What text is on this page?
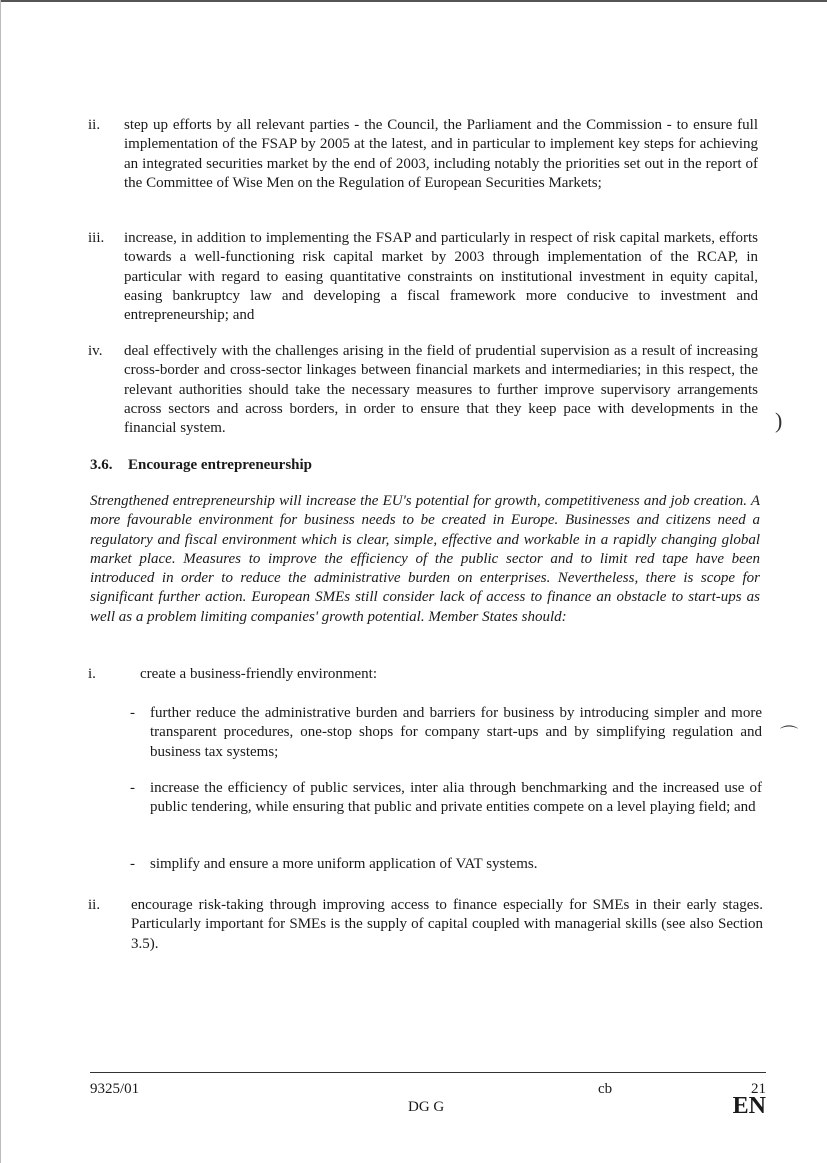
ii. step up efforts by all relevant parties - the Council, the Parliament and the Commission - to ensure full implementation of the FSAP by 2005 at the latest, and in particular to implement key steps for achieving an integrated securities market by the end of 2003, including notably the priorities set out in the report of the Committee of Wise Men on the Regulation of European Securities Markets;
iii. increase, in addition to implementing the FSAP and particularly in respect of risk capital markets, efforts towards a well-functioning risk capital market by 2003 through implementation of the RCAP, in particular with regard to easing quantitative constraints on institutional investment in equity capital, easing bankruptcy law and developing a fiscal framework more conducive to investment and entrepreneurship; and
iv. deal effectively with the challenges arising in the field of prudential supervision as a result of increasing cross-border and cross-sector linkages between financial markets and intermediaries; in this respect, the relevant authorities should take the necessary measures to further improve supervisory arrangements across sectors and across borders, in order to ensure that they keep pace with developments in the financial system.
3.6. Encourage entrepreneurship
Strengthened entrepreneurship will increase the EU's potential for growth, competitiveness and job creation. A more favourable environment for business needs to be created in Europe. Businesses and citizens need a regulatory and fiscal environment which is clear, simple, effective and workable in a rapidly changing global market place. Measures to improve the efficiency of the public sector and to limit red tape have been introduced in order to reduce the administrative burden on enterprises. Nevertheless, there is scope for significant further action. European SMEs still consider lack of access to finance an obstacle to start-ups as well as a problem limiting companies' growth potential. Member States should:
i.	create a business-friendly environment:
- further reduce the administrative burden and barriers for business by introducing simpler and more transparent procedures, one-stop shops for company start-ups and by simplifying regulation and business tax systems;
- increase the efficiency of public services, inter alia through benchmarking and the increased use of public tendering, while ensuring that public and private entities compete on a level playing field; and
- simplify and ensure a more uniform application of VAT systems.
ii. encourage risk-taking through improving access to finance especially for SMEs in their early stages. Particularly important for SMEs is the supply of capital coupled with managerial skills (see also Section 3.5).
)
⌒
9325/01	cb	21
DG G	EN
